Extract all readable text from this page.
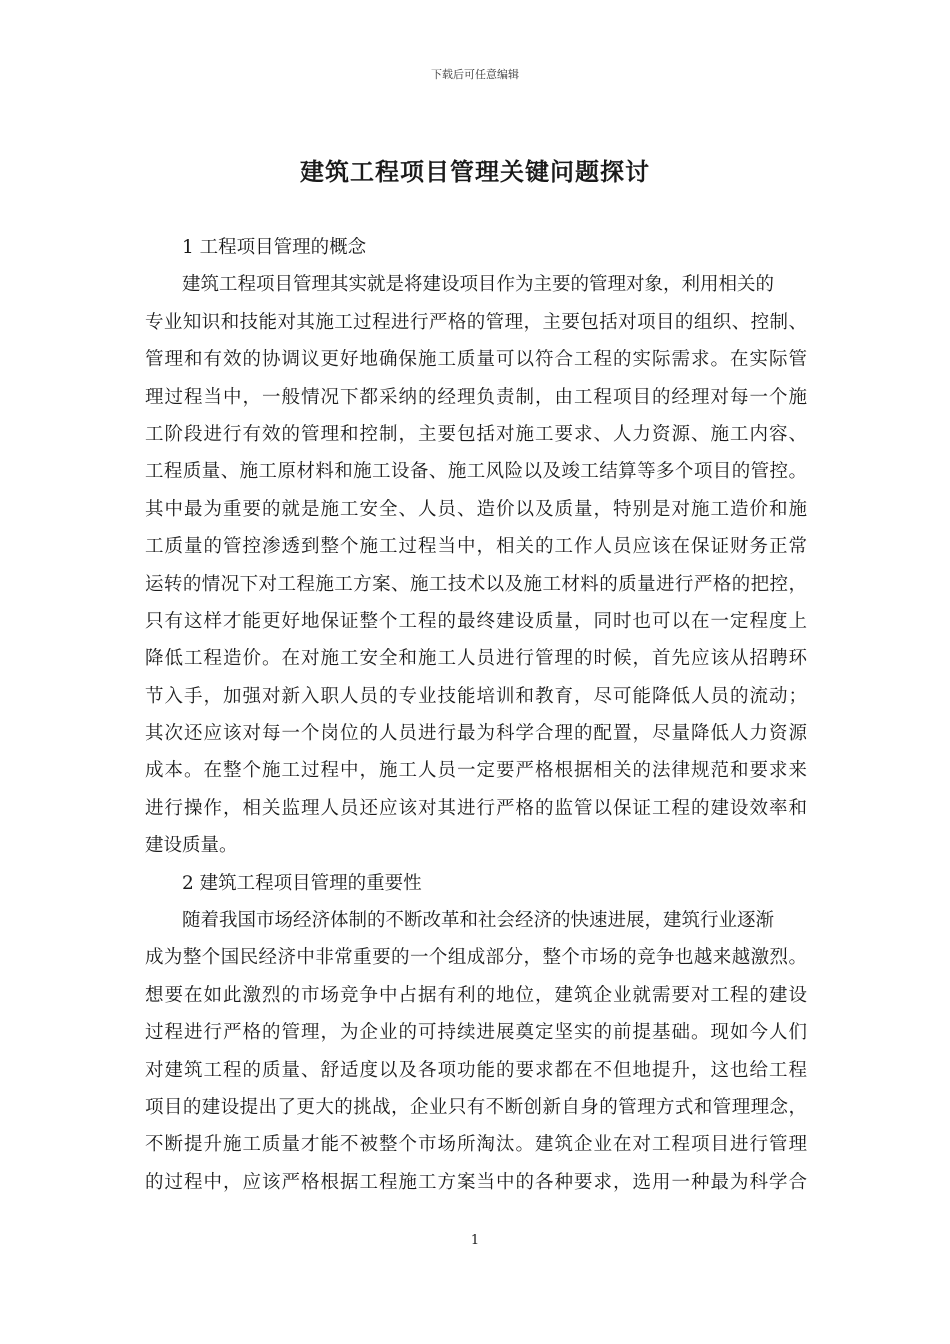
下载后可任意编辑
建筑工程项目管理关键问题探讨
1 工程项目管理的概念
建筑工程项目管理其实就是将建设项目作为主要的管理对象，利用相关的
专业知识和技能对其施工过程进行严格的管理，主要包括对项目的组织、控制、
管理和有效的协调议更好地确保施工质量可以符合工程的实际需求。在实际管
理过程当中，一般情况下都采纳的经理负责制，由工程项目的经理对每一个施
工阶段进行有效的管理和控制，主要包括对施工要求、人力资源、施工内容、
工程质量、施工原材料和施工设备、施工风险以及竣工结算等多个项目的管控。
其中最为重要的就是施工安全、人员、造价以及质量，特别是对施工造价和施
工质量的管控渗透到整个施工过程当中，相关的工作人员应该在保证财务正常
运转的情况下对工程施工方案、施工技术以及施工材料的质量进行严格的把控，
只有这样才能更好地保证整个工程的最终建设质量，同时也可以在一定程度上
降低工程造价。在对施工安全和施工人员进行管理的时候，首先应该从招聘环
节入手，加强对新入职人员的专业技能培训和教育，尽可能降低人员的流动；
其次还应该对每一个岗位的人员进行最为科学合理的配置，尽量降低人力资源
成本。在整个施工过程中，施工人员一定要严格根据相关的法律规范和要求来
进行操作，相关监理人员还应该对其进行严格的监管以保证工程的建设效率和
建设质量。
2 建筑工程项目管理的重要性
随着我国市场经济体制的不断改革和社会经济的快速进展，建筑行业逐渐
成为整个国民经济中非常重要的一个组成部分，整个市场的竞争也越来越激烈。
想要在如此激烈的市场竞争中占据有利的地位，建筑企业就需要对工程的建设
过程进行严格的管理，为企业的可持续进展奠定坚实的前提基础。现如今人们
对建筑工程的质量、舒适度以及各项功能的要求都在不但地提升，这也给工程
项目的建设提出了更大的挑战，企业只有不断创新自身的管理方式和管理理念，
不断提升施工质量才能不被整个市场所淘汰。建筑企业在对工程项目进行管理
的过程中，应该严格根据工程施工方案当中的各种要求，选用一种最为科学合
1
